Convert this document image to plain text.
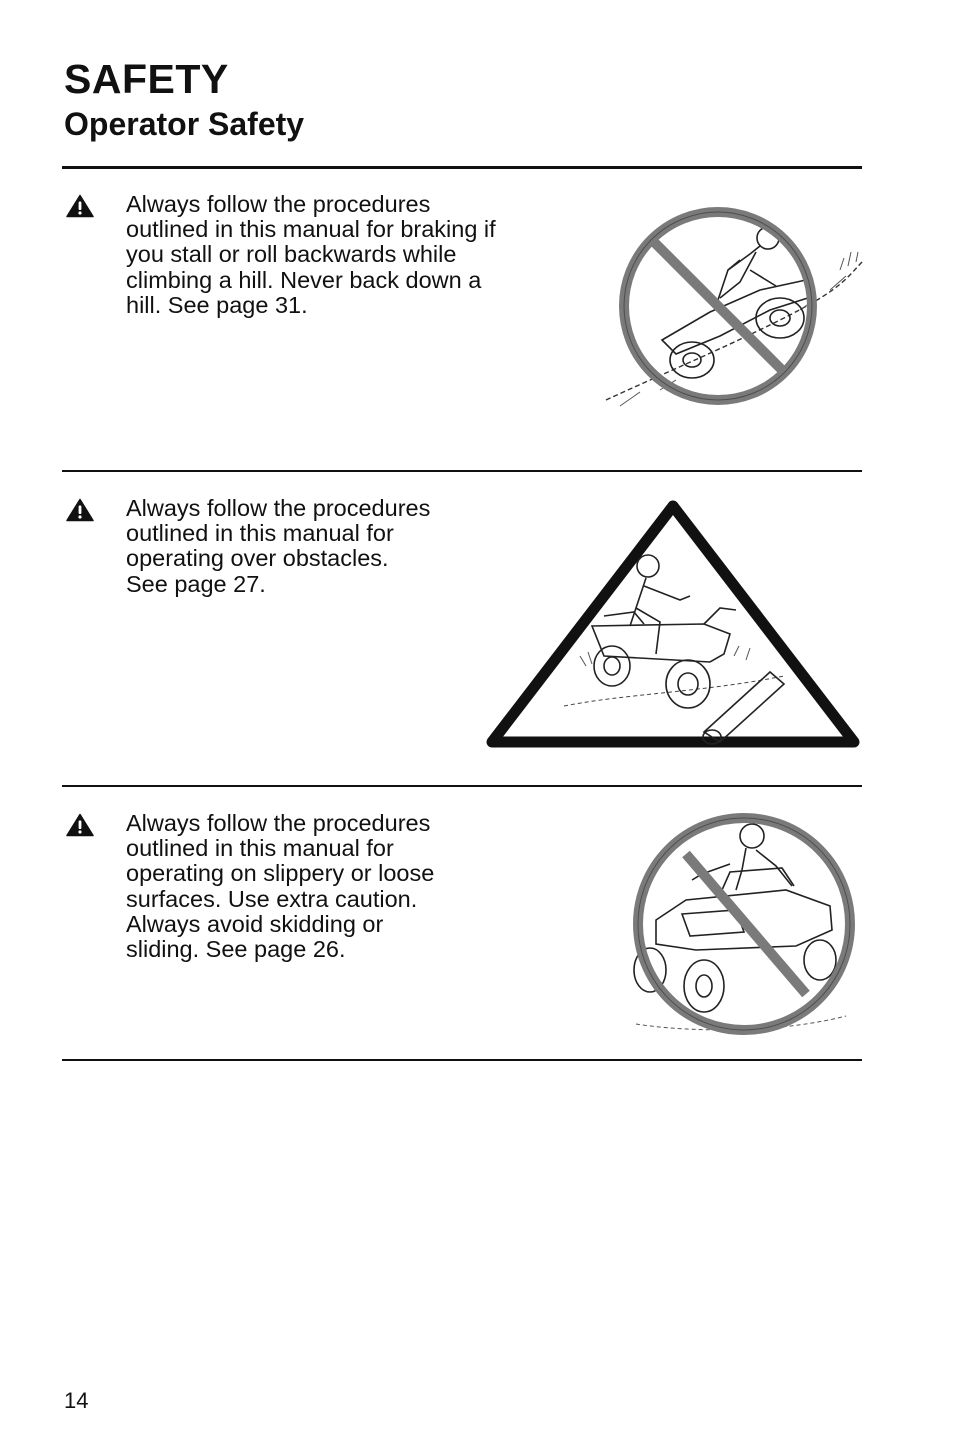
SAFETY
Operator Safety

Always follow the procedures
outlined in this manual for braking if
you stall or roll backwards while
climbing a hill. Never back down a
hill. See page 31.

Always follow the procedures
outlined in this manual for
operating over obstacles.
See page 27.

Always follow the procedures
outlined in this manual for
operating on slippery or loose
surfaces. Use extra caution.
Always avoid skidding or
sliding. See page 26.

14
